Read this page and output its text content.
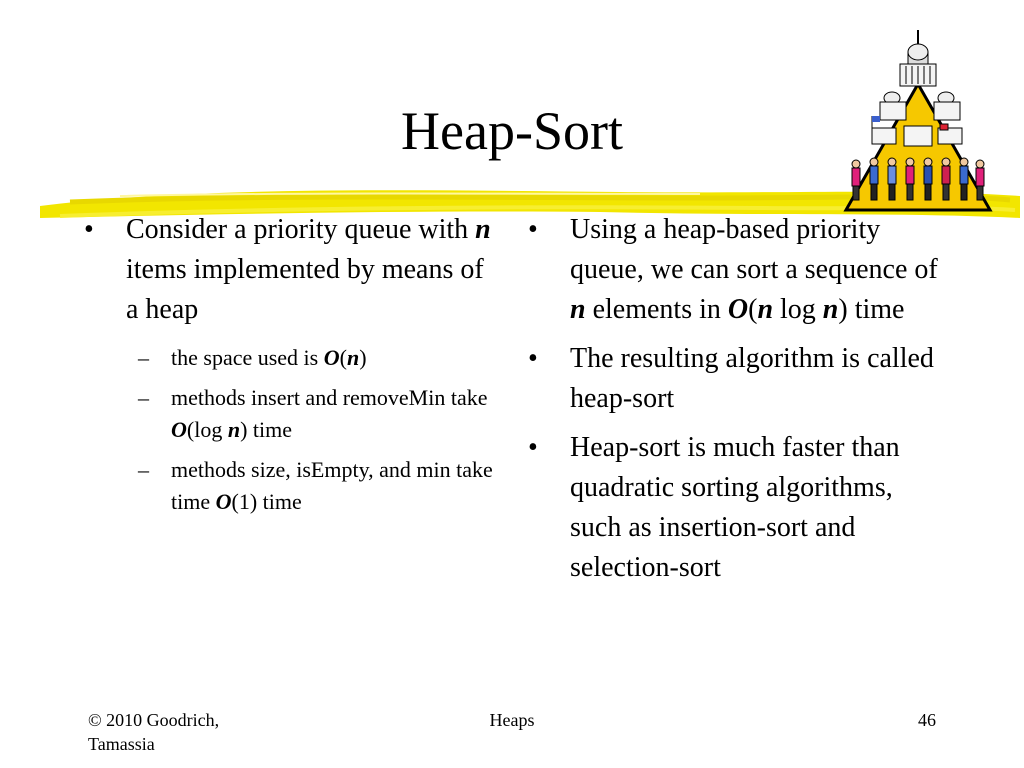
Heap-Sort
• Consider a priority queue with n items implemented by means of a heap
– the space used is O(n)
– methods insert and removeMin take O(log n) time
– methods size, isEmpty, and min take time O(1) time
• Using a heap-based priority queue, we can sort a sequence of n elements in O(n log n) time
• The resulting algorithm is called heap-sort
• Heap-sort is much faster than quadratic sorting algorithms, such as insertion-sort and selection-sort
© 2010 Goodrich, Tamassia
Heaps	46
